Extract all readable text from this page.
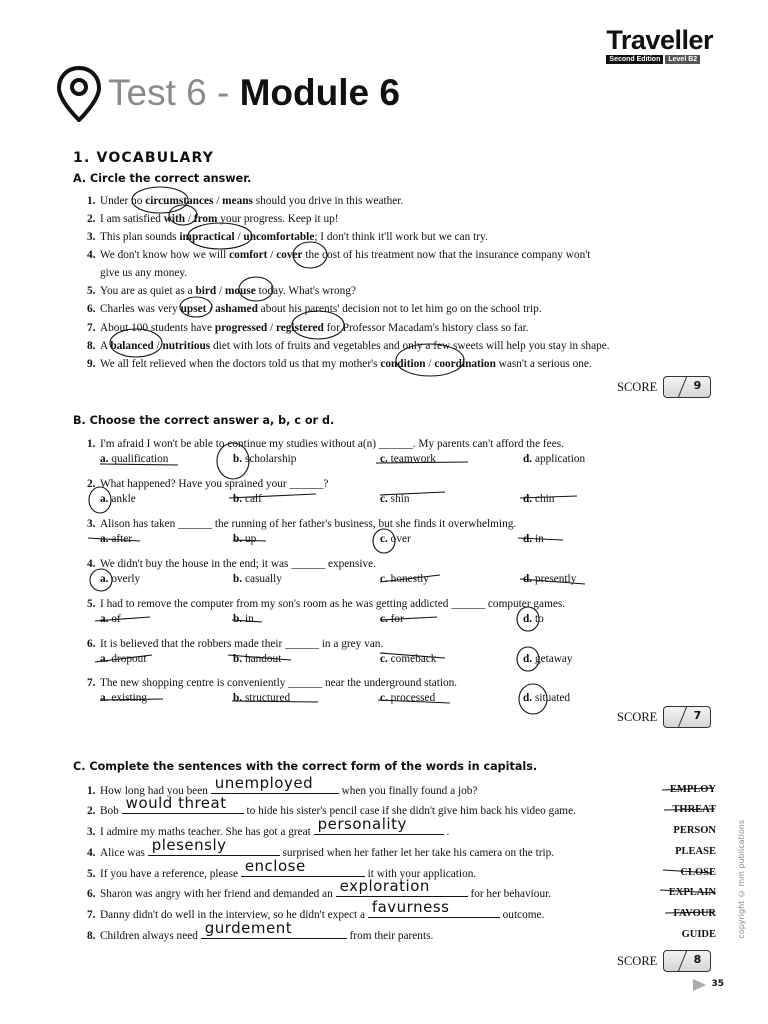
Traveller
Second Edition	Level B2
Test 6 - Module 6
1. VOCABULARY
A. Circle the correct answer.
1. Under no circumstances / means should you drive in this weather.
2. I am satisfied with / from your progress. Keep it up!
3. This plan sounds impractical / uncomfortable; I don't think it'll work but we can try.
4. We don't know how we will comfort / cover the cost of his treatment now that the insurance company won't
give us any money.
5. You are as quiet as a bird / mouse today. What's wrong?
6. Charles was very upset / ashamed about his parents' decision not to let him go on the school trip.
7. About 100 students have progressed / registered for Professor Macadam's history class so far.
8. A balanced / nutritious diet with lots of fruits and vegetables and only a few sweets will help you stay in shape.
9. We all felt relieved when the doctors told us that my mother's condition / coordination wasn't a serious one.
SCORE	9
B. Choose the correct answer a, b, c or d.
1. I'm afraid I won't be able to continue my studies without a(n) ______. My parents can't afford the fees.
a. qualification	b. scholarship	c. teamwork	d. application
2. What happened? Have you sprained your ______?
a. ankle	b. calf	c. shin	d. chin
3. Alison has taken ______ the running of her father's business, but she finds it overwhelming.
a. after	b. up	c. over	d. in
4. We didn't buy the house in the end; it was ______ expensive.
a. overly	b. casually	c. honestly	d. presently
5. I had to remove the computer from my son's room as he was getting addicted ______ computer games.
a. of	b. in	c. for	d. to
6. It is believed that the robbers made their ______ in a grey van.
a. dropout	b. handout	c. comeback	d. getaway
7. The new shopping centre is conveniently ______ near the underground station.
a. existing	b. structured	c. processed	d. situated
SCORE	7
C. Complete the sentences with the correct form of the words in capitals.
1. How long had you been unemployed	when you finally found a job?	EMPLOY
2. Bob would threat to hide his sister's pencil case if she didn't give him back his video game.	THREAT
3. I admire my maths teacher. She has got a great personality	.	PERSON
4. Alice was plesensly	surprised when her father let her take his camera on the trip.	PLEASE
5. If you have a reference, please enclose	it with your application.	CLOSE
6. Sharon was angry with her friend and demanded an exploration	for her behaviour.	EXPLAIN
7. Danny didn't do well in the interview, so he didn't expect a favurness	outcome.	FAVOUR
8. Children always need gurdement	from their parents.	GUIDE
SCORE	8
copyright © mm publications
35
